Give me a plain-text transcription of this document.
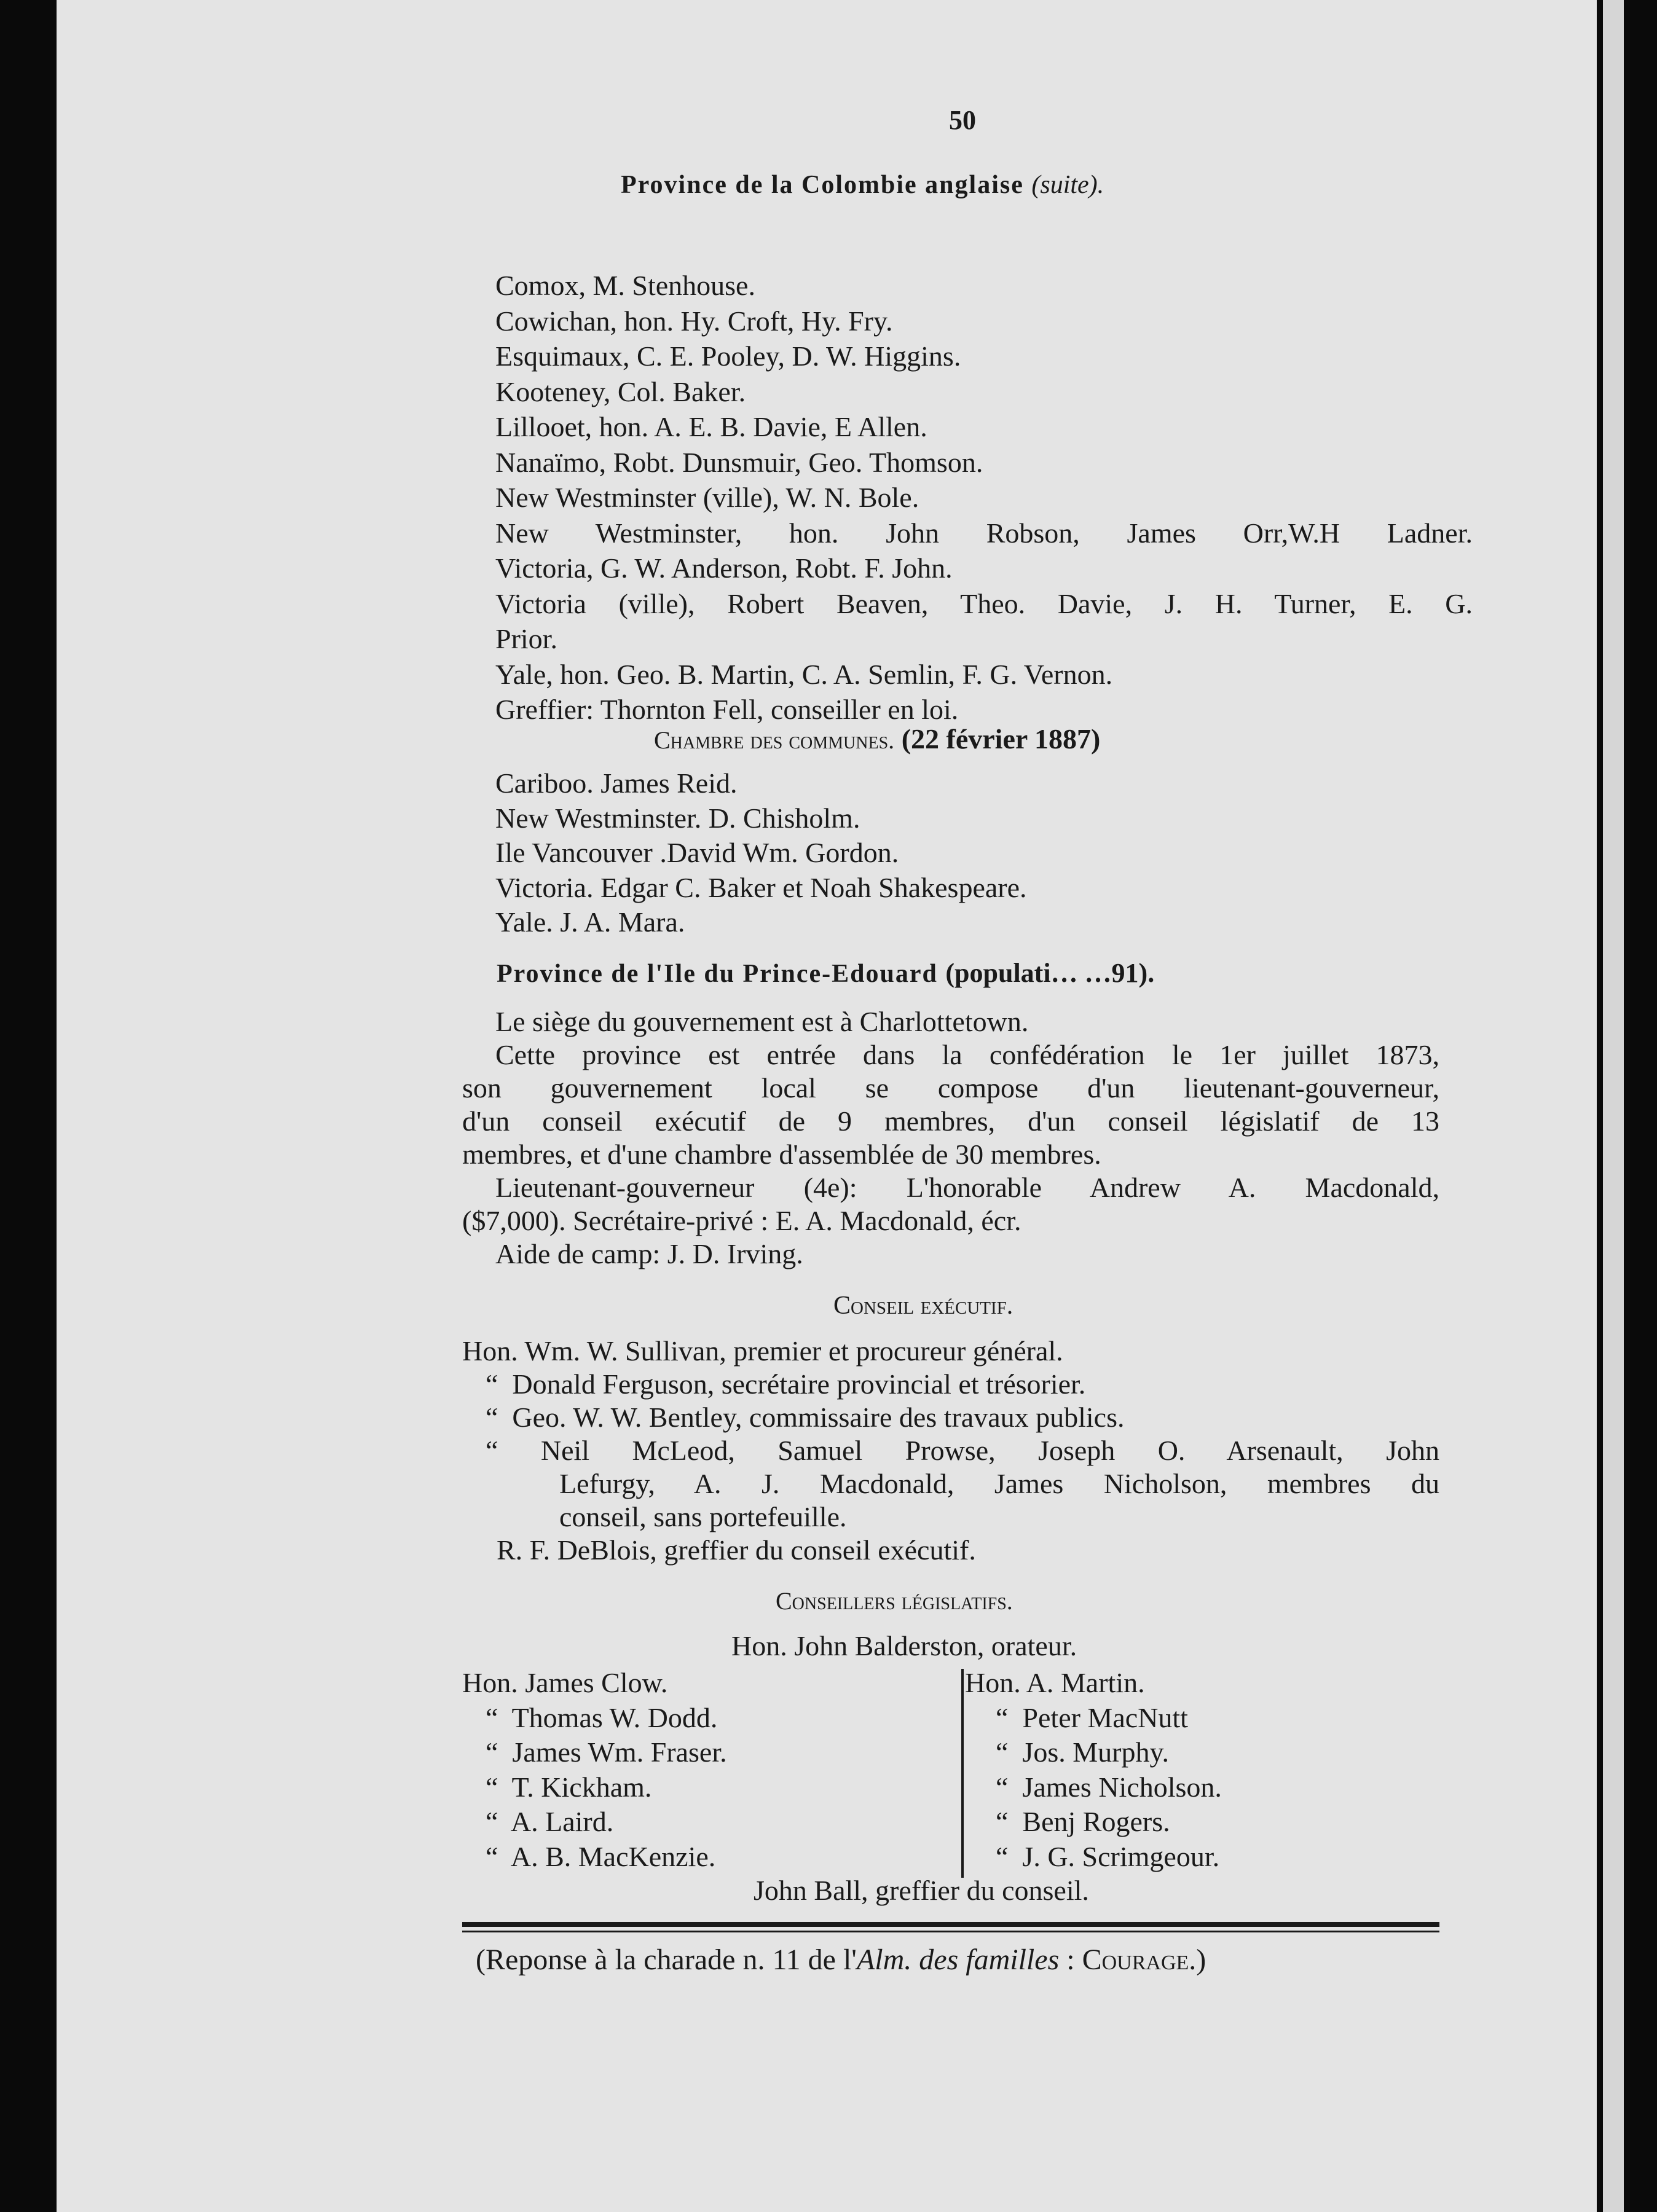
50
Province de la Colombie anglaise (suite).
Comox, M. Stenhouse.
Cowichan, hon. Hy. Croft, Hy. Fry.
Esquimaux, C. E. Pooley, D. W. Higgins.
Kooteney, Col. Baker.
Lillooet, hon. A. E. B. Davie, E Allen.
Nanaïmo, Robt. Dunsmuir, Geo. Thomson.
New Westminster (ville), W. N. Bole.
New Westminster, hon. John Robson, James Orr,W.H Ladner.
Victoria, G. W. Anderson, Robt. F. John.
Victoria (ville), Robert Beaven, Theo. Davie, J. H. Turner, E. G.
Prior.
Yale, hon. Geo. B. Martin, C. A. Semlin, F. G. Vernon.
Greffier: Thornton Fell, conseiller en loi.
Chambre des communes. (22 février 1887)
Cariboo. James Reid.
New Westminster. D. Chisholm.
Ile Vancouver .David Wm. Gordon.
Victoria. Edgar C. Baker et Noah Shakespeare.
Yale. J. A. Mara.
Province de l'Ile du Prince-Edouard (populati… …91).
Le siège du gouvernement est à Charlottetown.
Cette province est entrée dans la confédération le 1er juillet 1873,
son gouvernement local se compose d'un lieutenant-gouverneur,
d'un conseil exécutif de 9 membres, d'un conseil législatif de 13
membres, et d'une chambre d'assemblée de 30 membres.
Lieutenant-gouverneur (4e): L'honorable Andrew A. Macdonald,
($7,000). Secrétaire-privé : E. A. Macdonald, écr.
Aide de camp: J. D. Irving.
Conseil exécutif.
Hon. Wm. W. Sullivan, premier et procureur général.
“  Donald Ferguson, secrétaire provincial et trésorier.
“  Geo. W. W. Bentley, commissaire des travaux publics.
“ Neil McLeod, Samuel Prowse, Joseph O. Arsenault, John
Lefurgy, A. J. Macdonald, James Nicholson, membres du
conseil, sans portefeuille.
R. F. DeBlois, greffier du conseil exécutif.
Conseillers législatifs.
Hon. John Balderston, orateur.
Hon. James Clow.
“  Thomas W. Dodd.
“  James Wm. Fraser.
“  T. Kickham.
“  A. Laird.
“  A. B. MacKenzie.
Hon. A. Martin.
“  Peter MacNutt
“  Jos. Murphy.
“  James Nicholson.
“  Benj Rogers.
“  J. G. Scrimgeour.
John Ball, greffier du conseil.
(Reponse à la charade n. 11 de l'Alm. des familles : Courage.)
